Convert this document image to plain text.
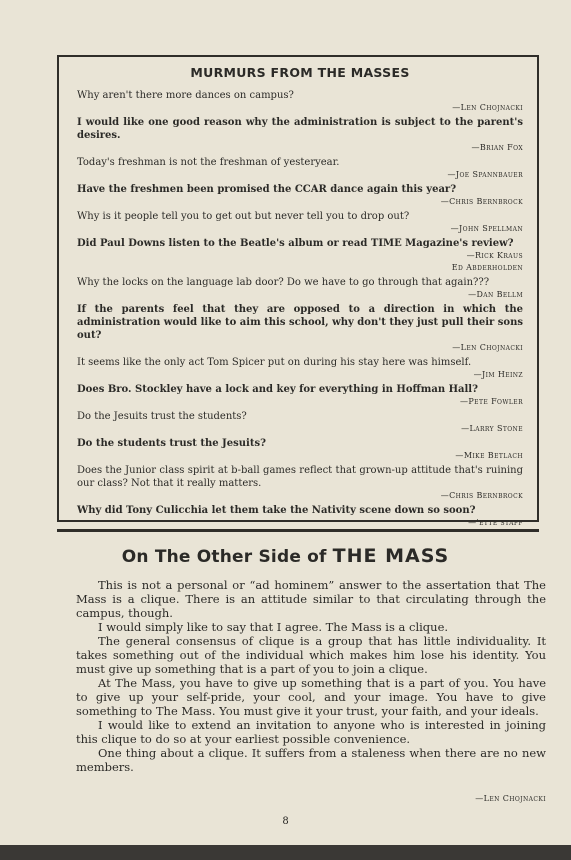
MURMURS FROM THE MASSES

Why aren't there more dances on campus?

—Len Chojnacki

I would like one good reason why the administration is subject to the parent's desires.

—Brian Fox

Today's freshman is not the freshman of yesteryear.

—Joe Spannbauer

Have the freshmen been promised the CCAR dance again this year?

—Chris Bernbrock

Why is it people tell you to get out but never tell you to drop out?

—John Spellman

Did Paul Downs listen to the Beatle's album or read TIME Magazine's review?

—Rick Kraus

Ed Abderholden

Why the locks on the language lab door? Do we have to go through that again???

—Dan Bellm

If the parents feel that they are opposed to a direction in which the administration would like to aim this school, why don't they just pull their sons out?

—Len Chojnacki

It seems like the only act Tom Spicer put on during his stay here was himself.

—Jim Heinz

Does Bro. Stockley have a lock and key for everything in Hoffman Hall?

—Pete Fowler

Do the Jesuits trust the students?

—Larry Stone

Do the students trust the Jesuits?

—Mike Betlach

Does the Junior class spirit at b-ball games reflect that grown-up attitude that's ruining our class? Not that it really matters.

—Chris Bernbrock

Why did Tony Culicchia let them take the Nativity scene down so soon?

—'ette staff

On The Other Side of THE MASS

This is not a personal or “ad hominem” answer to the assertation that The Mass is a clique. There is an attitude similar to that circulating through the campus, though.

I would simply like to say that I agree. The Mass is a clique.

The general consensus of clique is a group that has little individuality. It takes something out of the individual which makes him lose his identity. You must give up something that is a part of you to join a clique.

At The Mass, you have to give up something that is a part of you. You have to give up your self-pride, your cool, and your image. You have to give something to The Mass. You must give it your trust, your faith, and your ideals.

I would like to extend an invitation to anyone who is interested in joining this clique to do so at your earliest possible convenience.

One thing about a clique. It suffers from a staleness when there are no new members.

—Len Chojnacki
8
